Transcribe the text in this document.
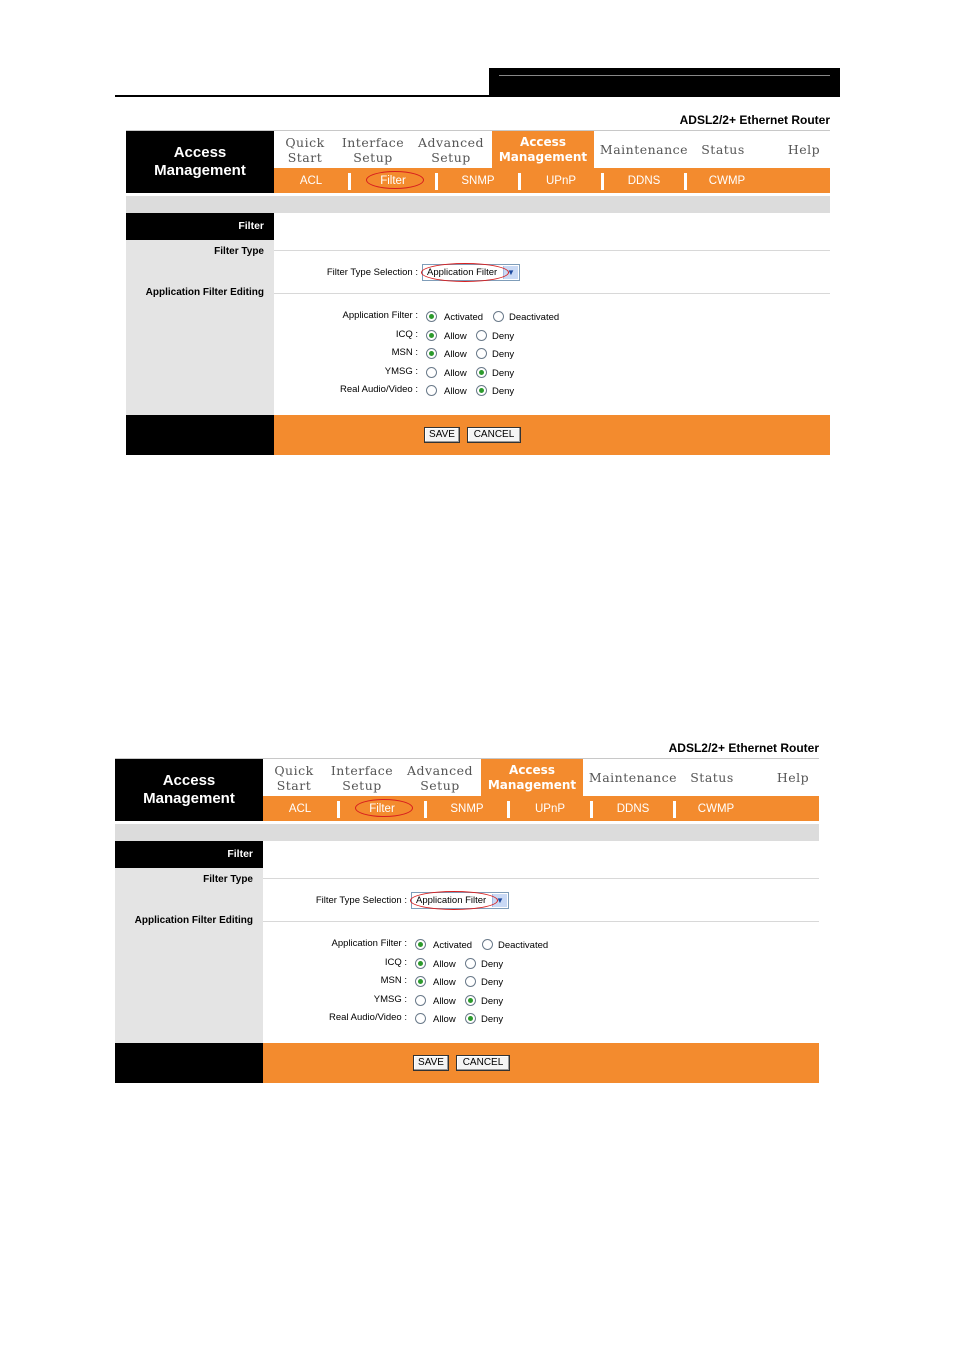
ADSL2/2+ Ethernet Router
Access
Management
Quick
Start
Interface
Setup
Advanced
Setup
Access
Management Maintenance Status	Help
ACL	Filter	SNMP	UPnP	DDNS	CWMP
Filter
Filter Type
Application Filter Editing
Filter Type Selection : Application Filter	▼
Application Filter :	Activated	Deactivated
ICQ :	Allow	Deny
MSN :	Allow	Deny
YMSG :	Allow	Deny
Real Audio/Video :	Allow	Deny
SAVE	CANCEL
ADSL2/2+ Ethernet Router
Access
Management
Quick
Start
Interface
Setup
Advanced
Setup
Access
Management Maintenance Status	Help
ACL	Filter	SNMP	UPnP	DDNS	CWMP
Filter
Filter Type
Application Filter Editing
Filter Type Selection : Application Filter	▼
Application Filter :	Activated	Deactivated
ICQ :	Allow	Deny
MSN :	Allow	Deny
YMSG :	Allow	Deny
Real Audio/Video :	Allow	Deny
SAVE	CANCEL
